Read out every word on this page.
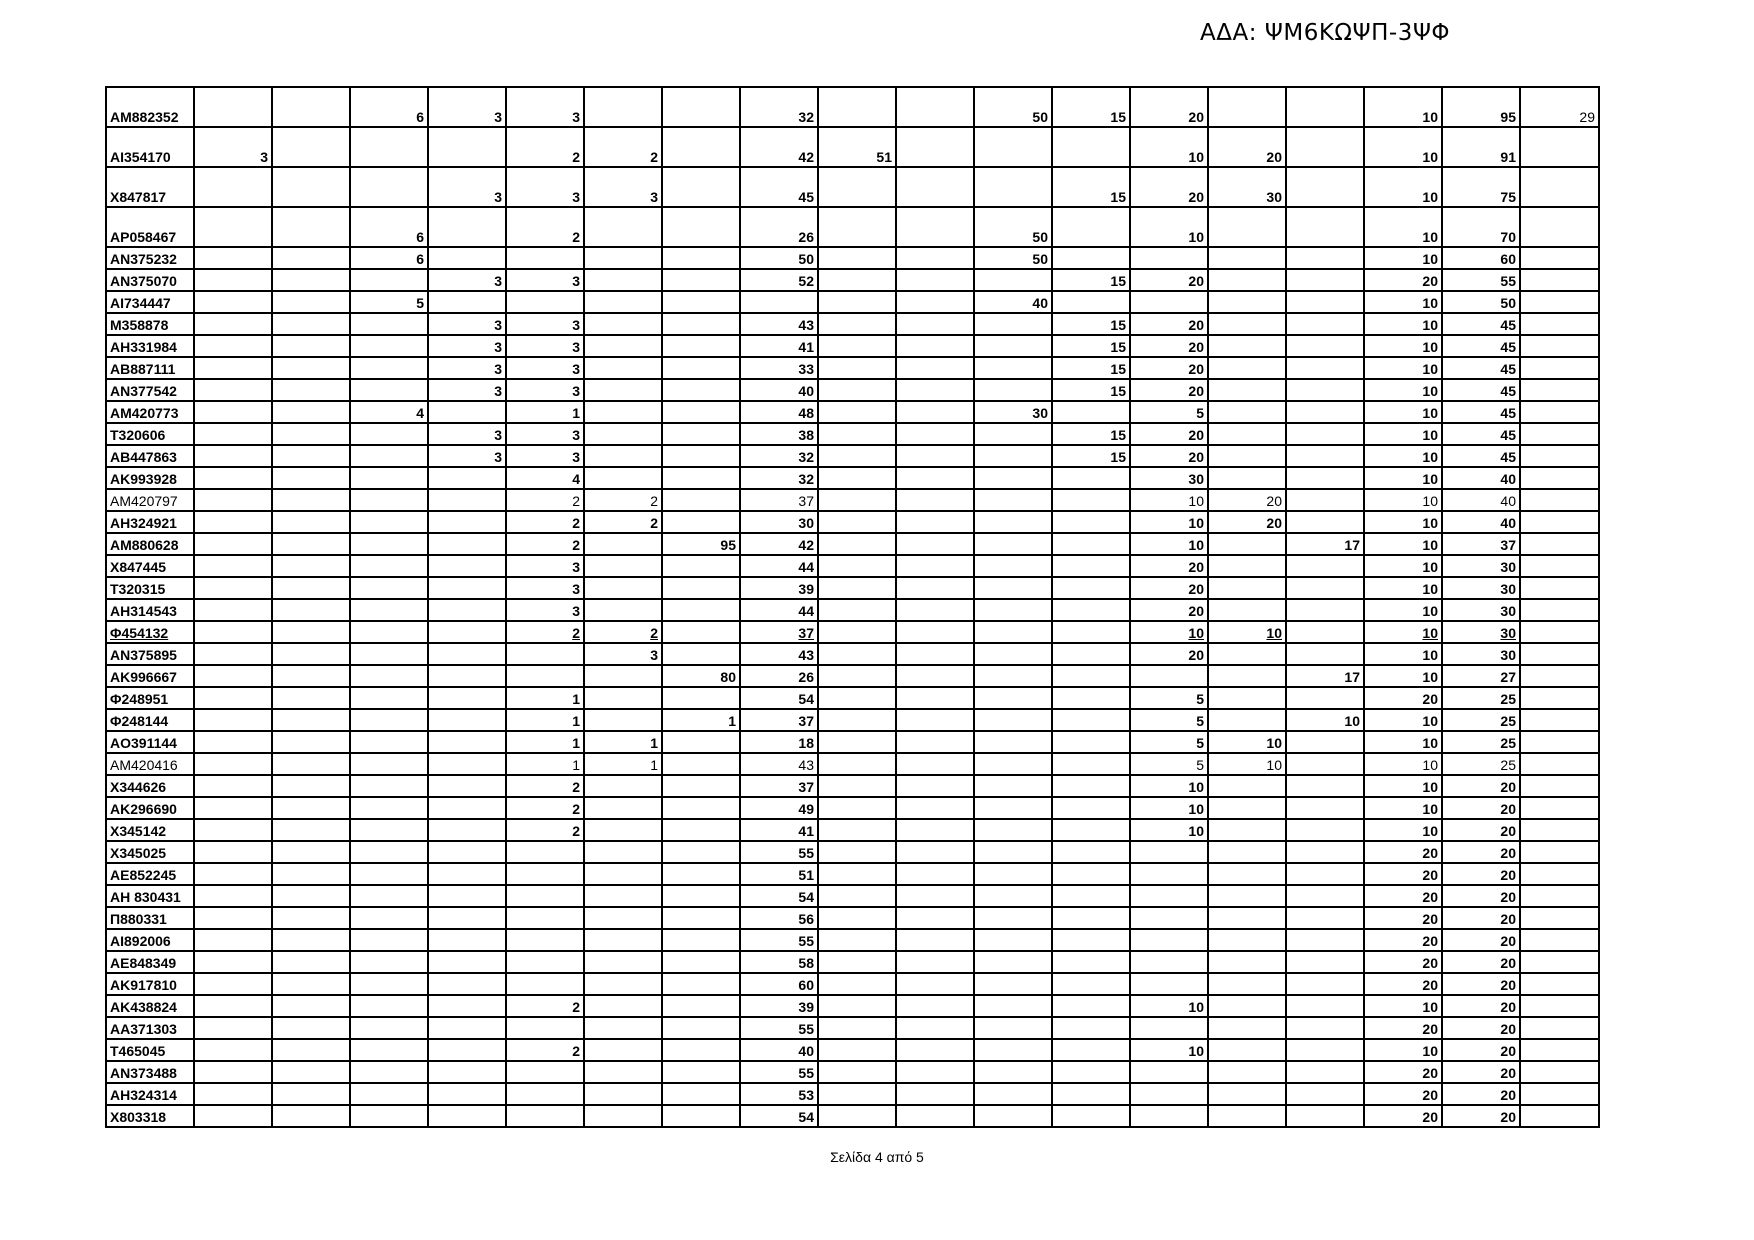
ΑΔΑ: ΨΜ6ΚΩΨΠ-3ΨΦ
AM882352			6	3	3			32			50	15	20			10	95	29
AI354170	3				2	2		42	51				10	20		10	91	
X847817				3	3	3		45				15	20	30		10	75	
AP058467			6		2			26			50		10			10	70	
AN375232			6					50			50					10	60	
AN375070				3	3			52				15	20			20	55	
AI734447			5								40					10	50	
M358878				3	3			43				15	20			10	45	
AH331984				3	3			41				15	20			10	45	
AB887111				3	3			33				15	20			10	45	
AN377542				3	3			40				15	20			10	45	
AM420773			4		1			48			30		5			10	45	
T320606				3	3			38				15	20			10	45	
AB447863				3	3			32				15	20			10	45	
AK993928					4			32					30			10	40	
AM420797					2	2		37					10	20		10	40	
AH324921					2	2		30					10	20		10	40	
AM880628					2		95	42					10		17	10	37	
X847445					3			44					20			10	30	
T320315					3			39					20			10	30	
AH314543					3			44					20			10	30	
Φ454132					2	2		37					10	10		10	30	
AN375895						3		43					20			10	30	
AK996667							80	26							17	10	27	
Φ248951					1			54					5			20	25	
Φ248144					1		1	37					5		10	10	25	
AO391144					1	1		18					5	10		10	25	
AM420416					1	1		43					5	10		10	25	
X344626					2			37					10			10	20	
AK296690					2			49					10			10	20	
X345142					2			41					10			10	20	
X345025								55								20	20	
AE852245								51								20	20	
AH 830431								54								20	20	
Π880331								56								20	20	
AI892006								55								20	20	
AE848349								58								20	20	
AK917810								60								20	20	
AK438824					2			39					10			10	20	
AA371303								55								20	20	
T465045					2			40					10			10	20	
AN373488								55								20	20	
AH324314								53								20	20	
X803318								54								20	20	
Σελίδα 4 από 5
